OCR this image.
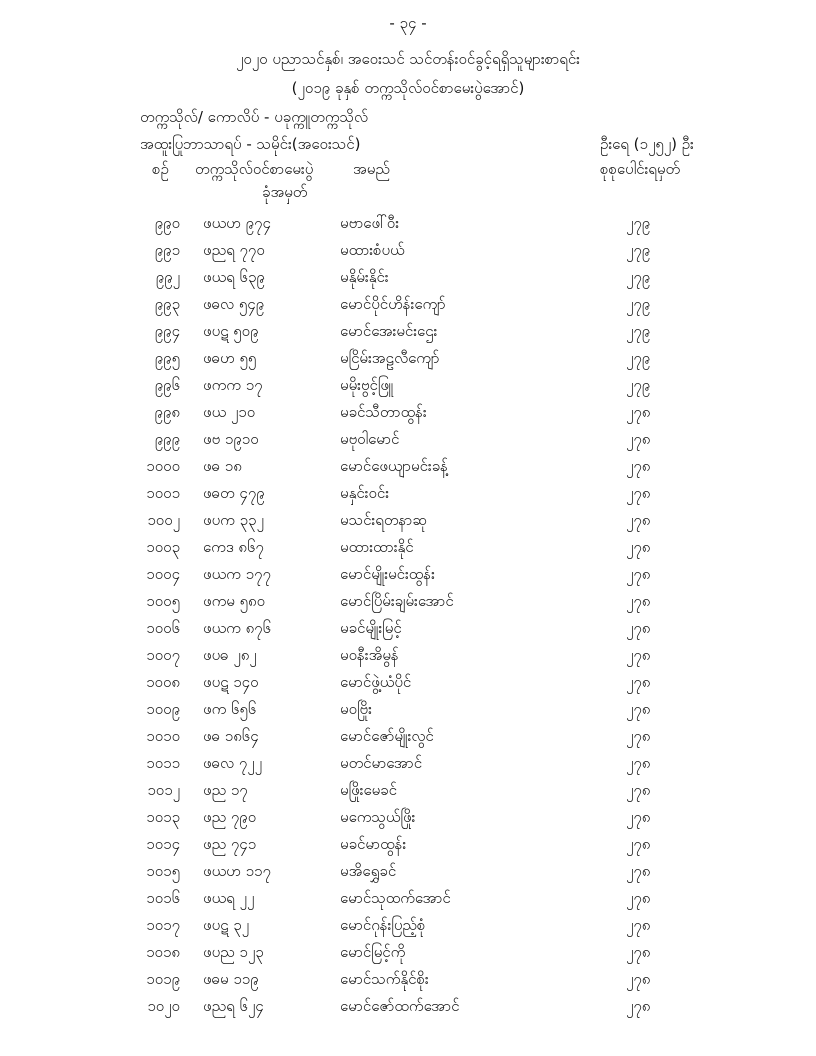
- ၃၄ -
၂၀၂၀ ပညာသင်နှစ်၊ အဝေးသင် သင်တန်းဝင်ခွင့်ရရှိသူများစာရင်း
(၂၀၁၉ ခုနှစ် တက္ကသိုလ်ဝင်စာမေးပွဲအောင်)
တက္ကသိုလ်/ ကောလိပ် - ပခုက္ကူတက္ကသိုလ်
အထူးပြုဘာသာရပ် - သမိုင်း(အဝေးသင်)	ဦးရေ (၁၂၅၂) ဦး
စဉ် တက္ကသိုလ်ဝင်စာမေးပွဲ
ခုံအမှတ်
အမည်	စုစုပေါင်းရမှတ်
၉၉၀ ဖယဟ ၉၇၄	မဗာဖေါ်ဝီး	၂၇၉
၉၉၁ ဖညရ ၇၇၀	မထားစံပယ်	၂၇၉
၉၉၂ ဖယရ ၆၃၉	မနိုမ်းနိုင်း	၂၇၉
၉၉၃ ဖဓလ ၅၄၉	မောင်ပိုင်ဟိန်းကျော်	၂၇၉
၉၉၄ ဖပဋ ၅၀၉	မောင်အေးမင်းဌေး	၂၇၉
၉၉၅ ဖဓဟ ၅၅	မငြိမ်းအဠလီကျော်	၂၇၉
၉၉၆ ဖကက ၁၇	မမိုးဗွင့်ဖြူ	၂၇၉
၉၉၈ ဖယ ၂၁၀	မခင်သီတာထွန်း	၂၇၈
၉၉၉ ဖဗ ၁၉၁၀	မဗုဝါမောင်	၂၇၈
၁၀၀၀ ဖဓ ၁၈	မောင်ဖေယျာမင်းခန့်	၂၇၈
၁၀၀၁ ဖဓတ ၄၇၉	မနှင်းဝင်း	၂၇၈
၁၀၀၂ ဖပက ၃၃၂	မသင်းရတနာဆု	၂၇၈
၁၀၀၃ ကေဒ ၈၆၇	မထားထားနိုင်	၂၇၈
၁၀၀၄ ဖယက ၁၇၇	မောင်မျိုးမင်းထွန်း	၂၇၈
၁၀၀၅ ဖကမ ၅၈၀	မောင်ပြိမ်းချမ်းအောင်	၂၇၈
၁၀၀၆ ဖယက ၈၇၆	မခင်မျိုးမြင့်	၂၇၈
၁၀၀၇ ဖပဓ ၂၈၂	မဝနီးအိမွန်	၂၇၈
၁၀၀၈ ဖပဋ ၁၄၀	မောင်ဖွဲ့ယံပိုင်	၂၇၈
၁၀၀၉ ဖက ၆၅၆	မဝဗြိုး	၂၇၈
၁၀၁၀ ဖဓ ၁၈၆၄	မောင်ဇော်မျိုးလွင်	၂၇၈
၁၀၁၁ ဖဓလ ၇၂၂	မတင်မာအောင်	၂၇၈
၁၀၁၂ ဖည ၁၇	မဖြိုးမေခင်	၂၇၈
၁၀၁၃ ဖည ၇၉၀	မကေသွယ်ဖြိုး	၂၇၈
၁၀၁၄ ဖည ၇၄၁	မခင်မာထွန်း	၂၇၈
၁၀၁၅ ဖယဟ ၁၁၇	မအိရွှေခင်	၂၇၈
၁၀၁၆ ဖယရ ၂၂	မောင်သုထက်အောင်	၂၇၈
၁၀၁၇ ဖပဋ ၃၂	မောင်ဂုန်းပြည့်စုံ	၂၇၈
၁၀၁၈ ဖပည ၁၂၃	မောင်မြင့်ကို	၂၇၈
၁၀၁၉ ဖဓမ ၁၁၉	မောင်သက်နိုင်စိုး	၂၇၈
၁၀၂၀ ဖညရ ၆၂၄	မောင်ဇော်ထက်အောင်	၂၇၈
